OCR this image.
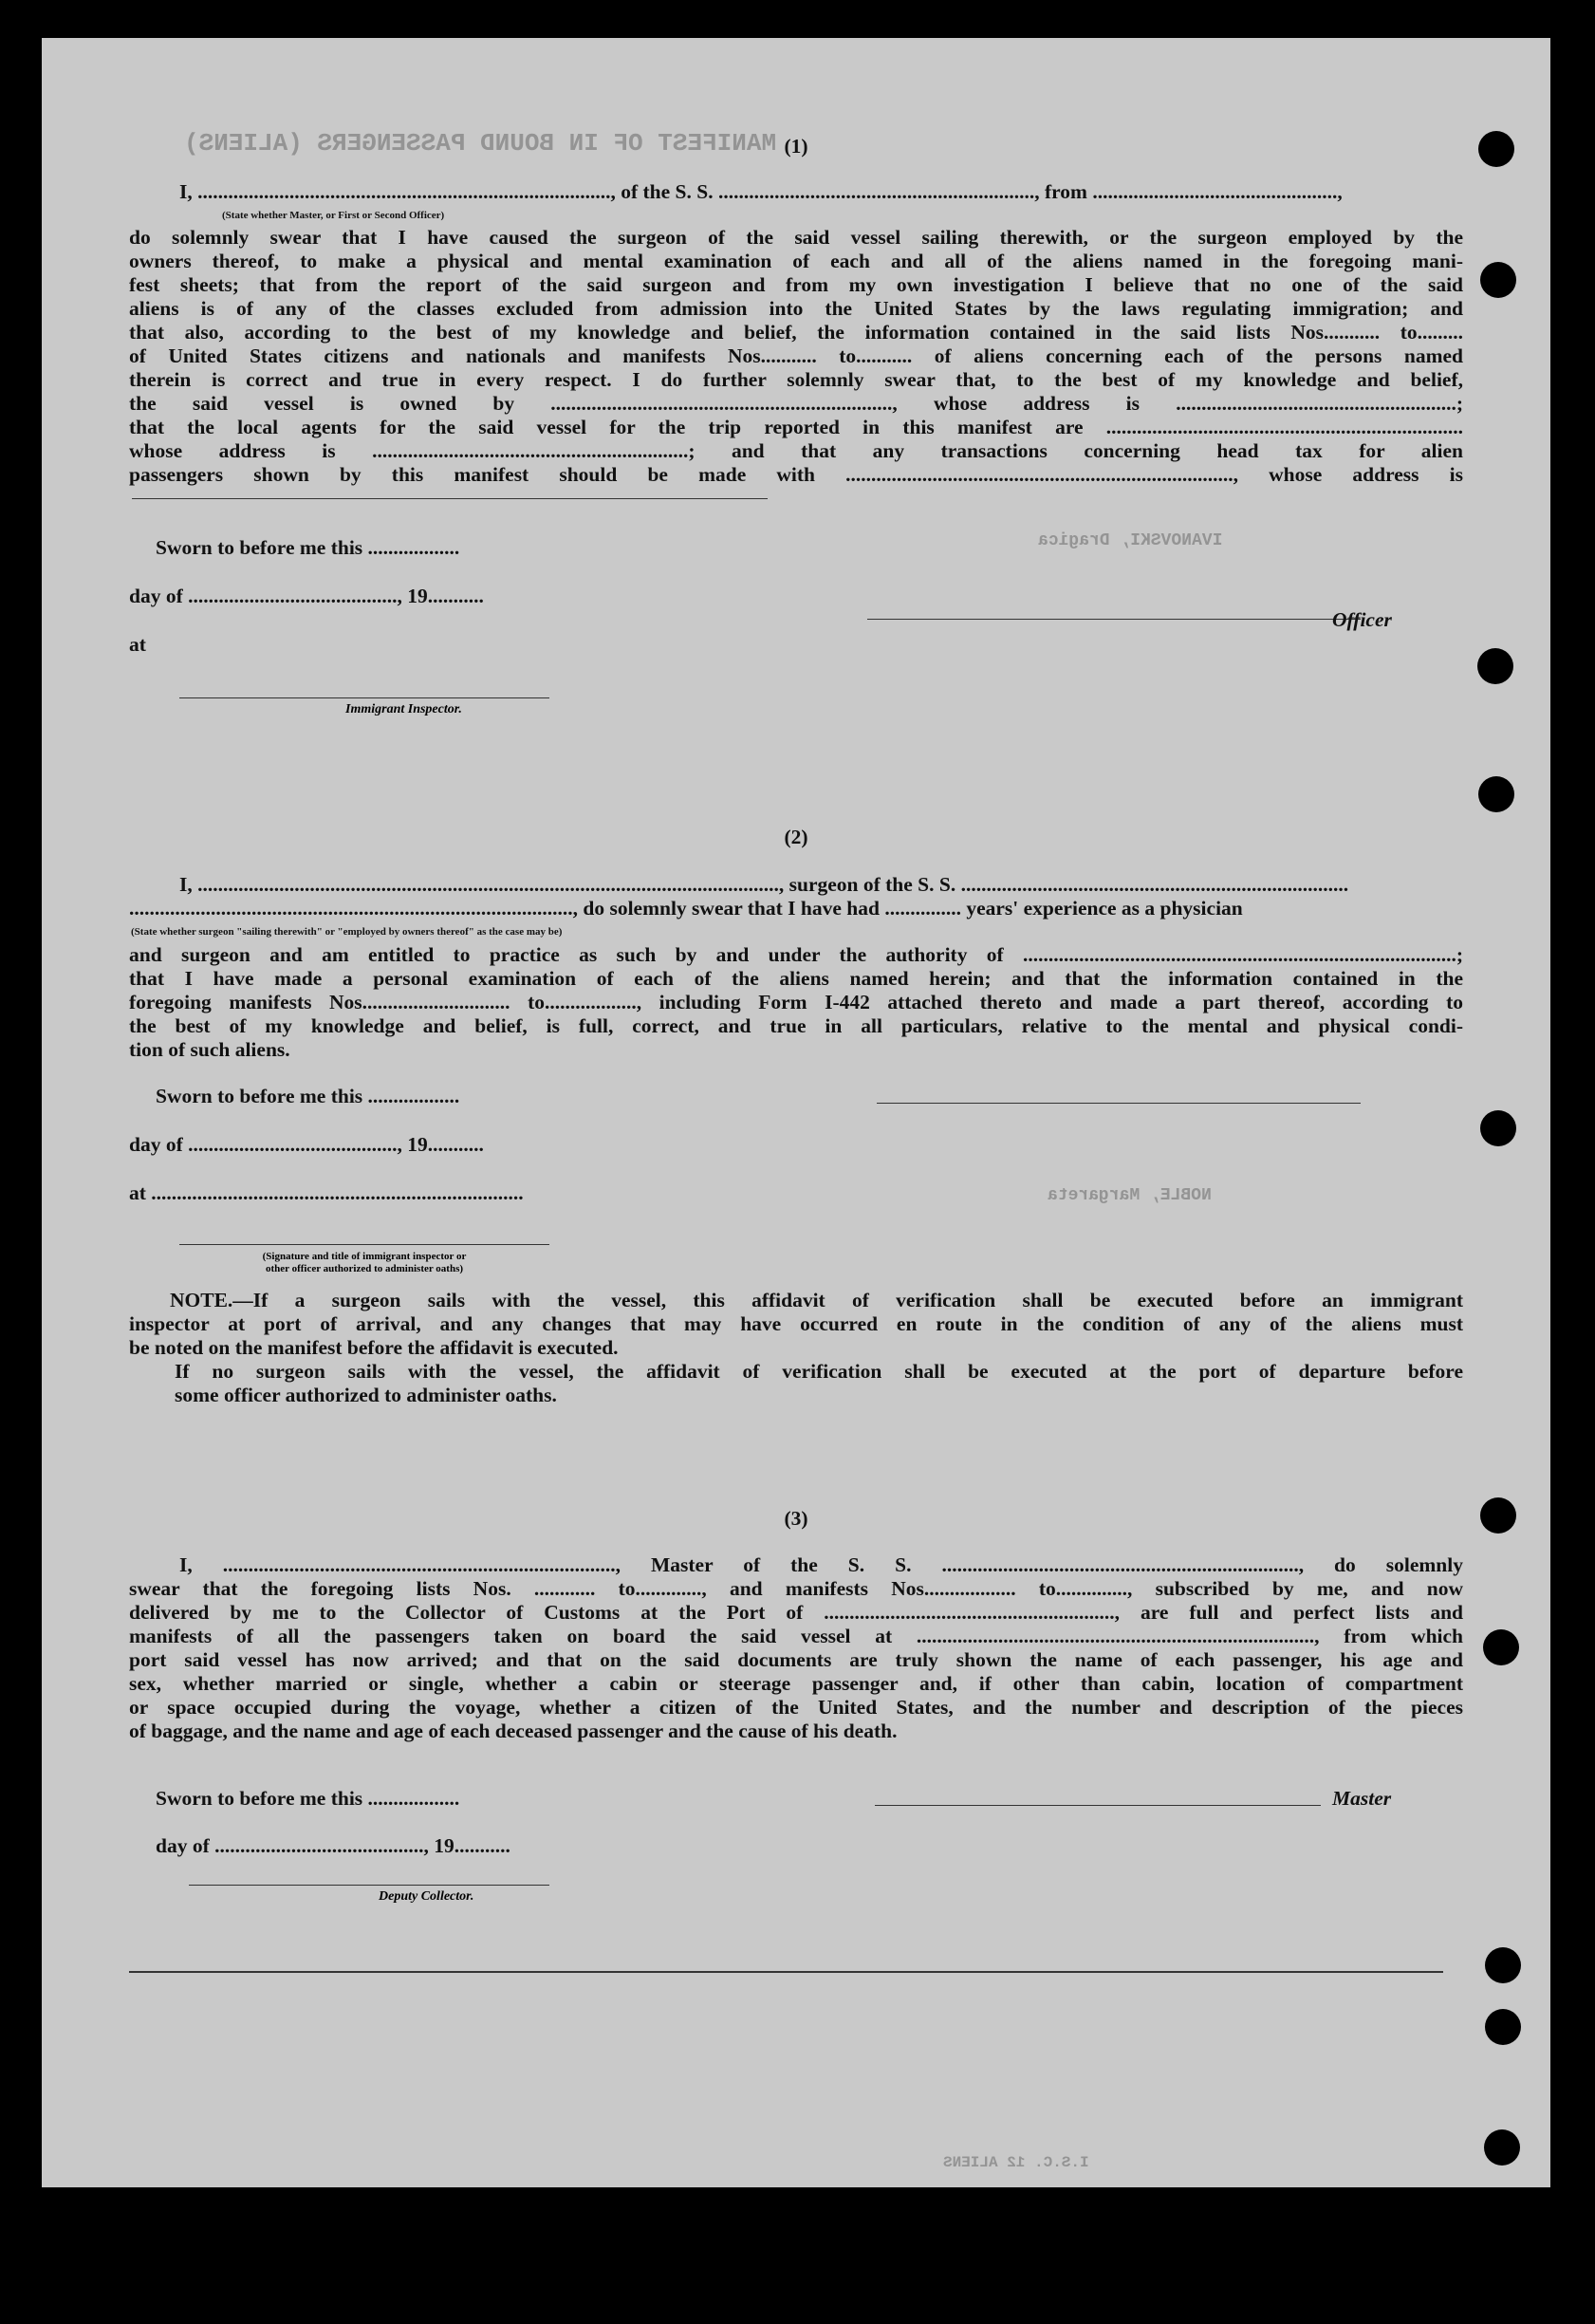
MANIFEST OF IN BOUND PASSENGERS (ALIENS)
IVANOVSKI, Dragica
NOBLE, Margareta
(1)
I, ................................................................................., of the S. S. .............................................................., from ................................................,
(State whether Master, or First or Second Officer)
do solemnly swear that I have caused the surgeon of the said vessel sailing therewith, or the surgeon employed by the
owners thereof, to make a physical and mental examination of each and all of the aliens named in the foregoing mani-
fest sheets; that from the report of the said surgeon and from my own investigation I believe that no one of the said
aliens is of any of the classes excluded from admission into the United States by the laws regulating immigration; and
that also, according to the best of my knowledge and belief, the information contained in the said lists Nos........... to.........
of United States citizens and nationals and manifests Nos........... to........... of aliens concerning each of the persons named
therein is correct and true in every respect. I do further solemnly swear that, to the best of my knowledge and belief,
the said vessel is owned by ..................................................................., whose address is .......................................................;
that the local agents for the said vessel for the trip reported in this manifest are ......................................................................
whose address is ..............................................................; and that any transactions concerning head tax for alien
passengers shown by this manifest should be made with ............................................................................, whose address is
Sworn to before me this ..................
day of ........................................., 19...........
at
Officer
Immigrant Inspector.
(2)
I, .................................................................................................................., surgeon of the S. S. ............................................................................
......................................................................................., do solemnly swear that I have had ............... years' experience as a physician
(State whether surgeon "sailing therewith" or "employed by owners thereof" as the case may be)
and surgeon and am entitled to practice as such by and under the authority of .....................................................................................;
that I have made a personal examination of each of the aliens named herein; and that the information contained in the
foregoing manifests Nos............................. to.................., including Form I-442 attached thereto and made a part thereof, according to
the best of my knowledge and belief, is full, correct, and true in all particulars, relative to the mental and physical condi-
tion of such aliens.
Sworn to before me this ..................
day of ........................................., 19...........
at .........................................................................
(Signature and title of immigrant inspector or
other officer authorized to administer oaths)
NOTE.—If a surgeon sails with the vessel, this affidavit of verification shall be executed before an immigrant
inspector at port of arrival, and any changes that may have occurred en route in the condition of any of the aliens must
be noted on the manifest before the affidavit is executed.
If no surgeon sails with the vessel, the affidavit of verification shall be executed at the port of departure before
some officer authorized to administer oaths.
(3)
I, ............................................................................., Master of the S. S. ......................................................................, do solemnly
swear that the foregoing lists Nos. ............ to............., and manifests Nos.................. to.............., subscribed by me, and now
delivered by me to the Collector of Customs at the Port of ........................................................., are full and perfect lists and
manifests of all the passengers taken on board the said vessel at .............................................................................., from which
port said vessel has now arrived; and that on the said documents are truly shown the name of each passenger, his age and
sex, whether married or single, whether a cabin or steerage passenger and, if other than cabin, location of compartment
or space occupied during the voyage, whether a citizen of the United States, and the number and description of the pieces
of baggage, and the name and age of each deceased passenger and the cause of his death.
Sworn to before me this ..................	Master
day of ........................................., 19...........
Deputy Collector.
I.S.C. 12 ALIENS
